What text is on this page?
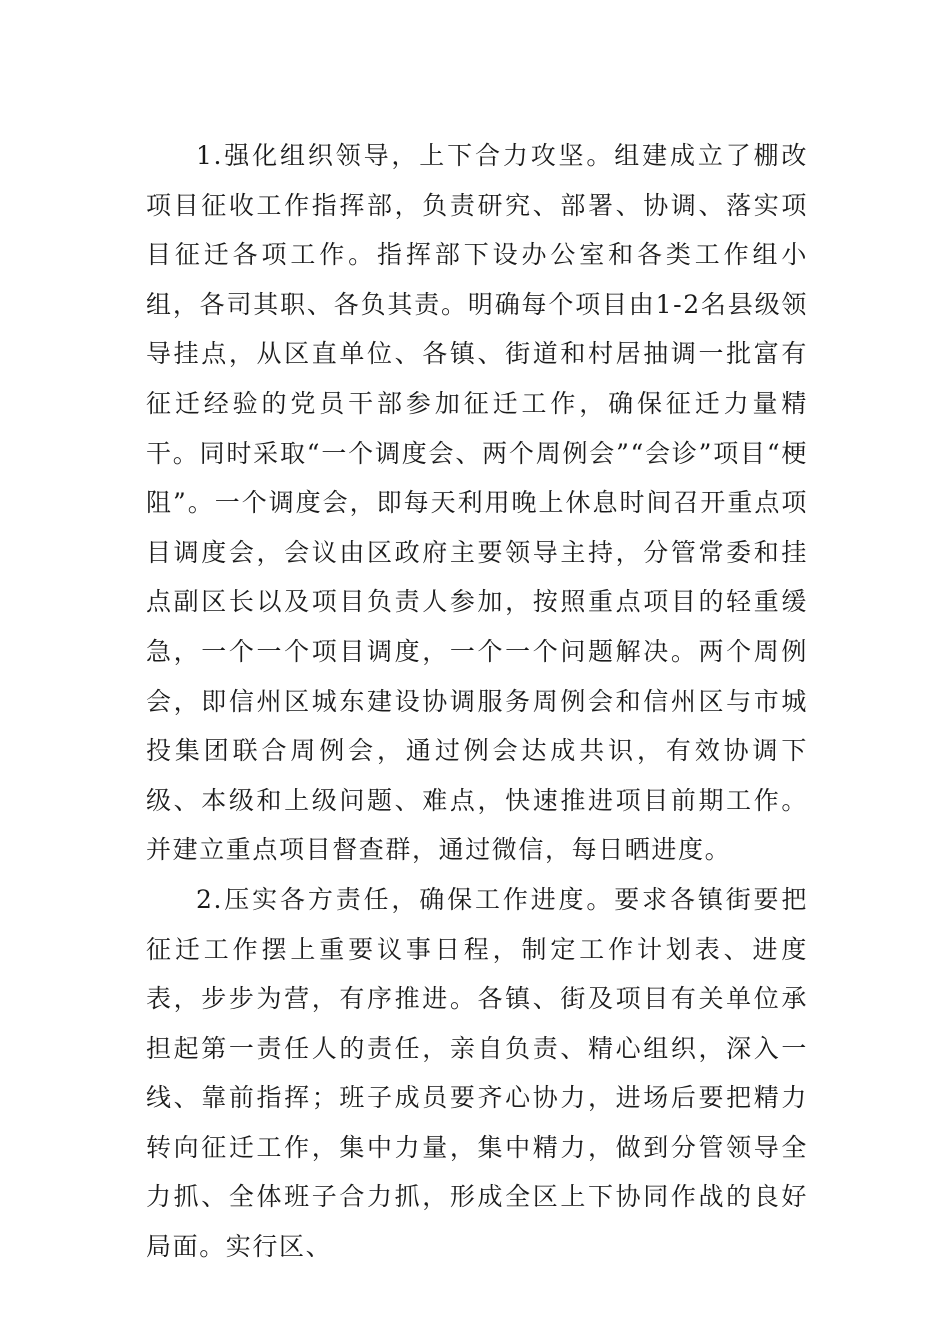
1.强化组织领导，上下合力攻坚。组建成立了棚改项目征收工作指挥部，负责研究、部署、协调、落实项目征迁各项工作。指挥部下设办公室和各类工作组小组，各司其职、各负其责。明确每个项目由1-2名县级领导挂点，从区直单位、各镇、街道和村居抽调一批富有征迁经验的党员干部参加征迁工作，确保征迁力量精干。同时采取“一个调度会、两个周例会”“会诊”项目“梗阻”。一个调度会，即每天利用晚上休息时间召开重点项目调度会，会议由区政府主要领导主持，分管常委和挂点副区长以及项目负责人参加，按照重点项目的轻重缓急，一个一个项目调度，一个一个问题解决。两个周例会，即信州区城东建设协调服务周例会和信州区与市城投集团联合周例会，通过例会达成共识，有效协调下级、本级和上级问题、难点，快速推进项目前期工作。并建立重点项目督查群，通过微信，每日晒进度。

2.压实各方责任，确保工作进度。要求各镇街要把征迁工作摆上重要议事日程，制定工作计划表、进度表，步步为营，有序推进。各镇、街及项目有关单位承担起第一责任人的责任，亲自负责、精心组织，深入一线、靠前指挥；班子成员要齐心协力，进场后要把精力转向征迁工作，集中力量，集中精力，做到分管领导全力抓、全体班子合力抓，形成全区上下协同作战的良好局面。实行区、
